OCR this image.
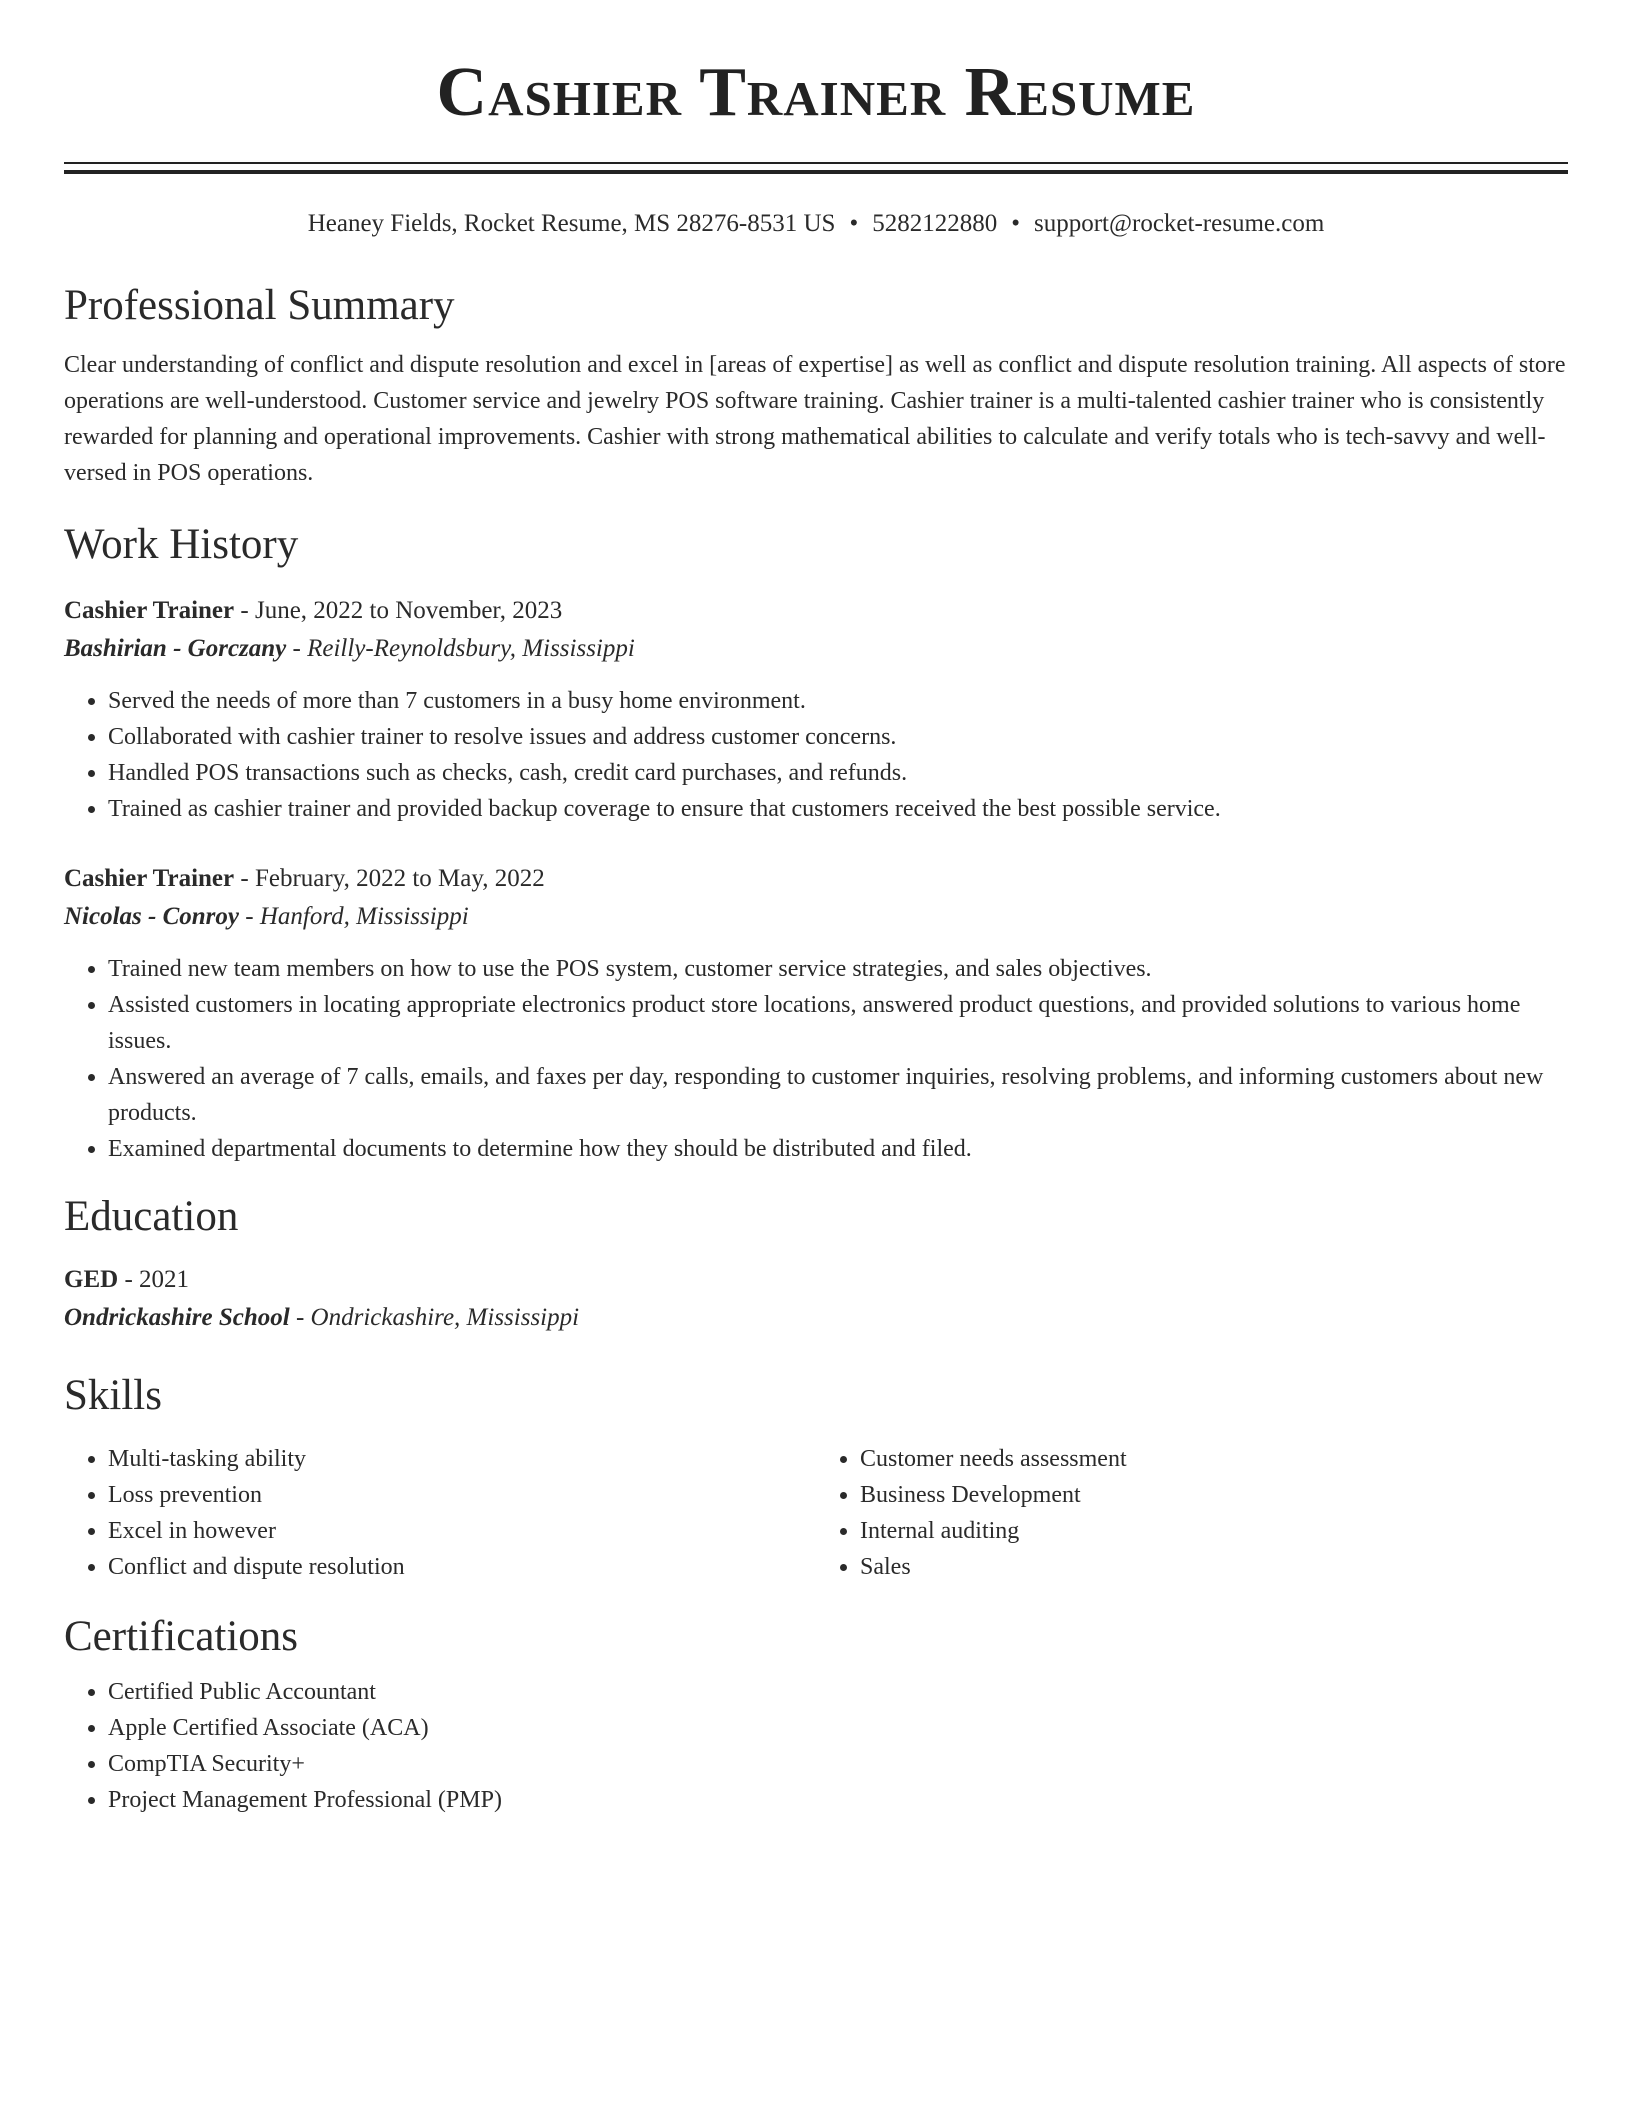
Cashier Trainer Resume
Heaney Fields, Rocket Resume, MS 28276-8531 US • 5282122880 • support@rocket-resume.com
Professional Summary

Clear understanding of conflict and dispute resolution and excel in [areas of expertise] as well as conflict and dispute resolution training. All aspects of store operations are well-understood. Customer service and jewelry POS software training. Cashier trainer is a multi-talented cashier trainer who is consistently rewarded for planning and operational improvements. Cashier with strong mathematical abilities to calculate and verify totals who is tech-savvy and well-versed in POS operations.

Work History
Cashier Trainer - June, 2022 to November, 2023
Bashirian - Gorczany - Reilly-Reynoldsbury, Mississippi
• Served the needs of more than 7 customers in a busy home environment.
• Collaborated with cashier trainer to resolve issues and address customer concerns.
• Handled POS transactions such as checks, cash, credit card purchases, and refunds.
• Trained as cashier trainer and provided backup coverage to ensure that customers received the best possible service.
Cashier Trainer - February, 2022 to May, 2022
Nicolas - Conroy - Hanford, Mississippi
• Trained new team members on how to use the POS system, customer service strategies, and sales objectives.
• Assisted customers in locating appropriate electronics product store locations, answered product questions, and provided solutions to various home issues.
• Answered an average of 7 calls, emails, and faxes per day, responding to customer inquiries, resolving problems, and informing customers about new products.
• Examined departmental documents to determine how they should be distributed and filed.
Education
GED - 2021
Ondrickashire School - Ondrickashire, Mississippi
Skills
• Multi-tasking ability
• Loss prevention
• Excel in however
• Conflict and dispute resolution
• Customer needs assessment
• Business Development
• Internal auditing
• Sales
Certifications
• Certified Public Accountant
• Apple Certified Associate (ACA)
• CompTIA Security+
• Project Management Professional (PMP)
